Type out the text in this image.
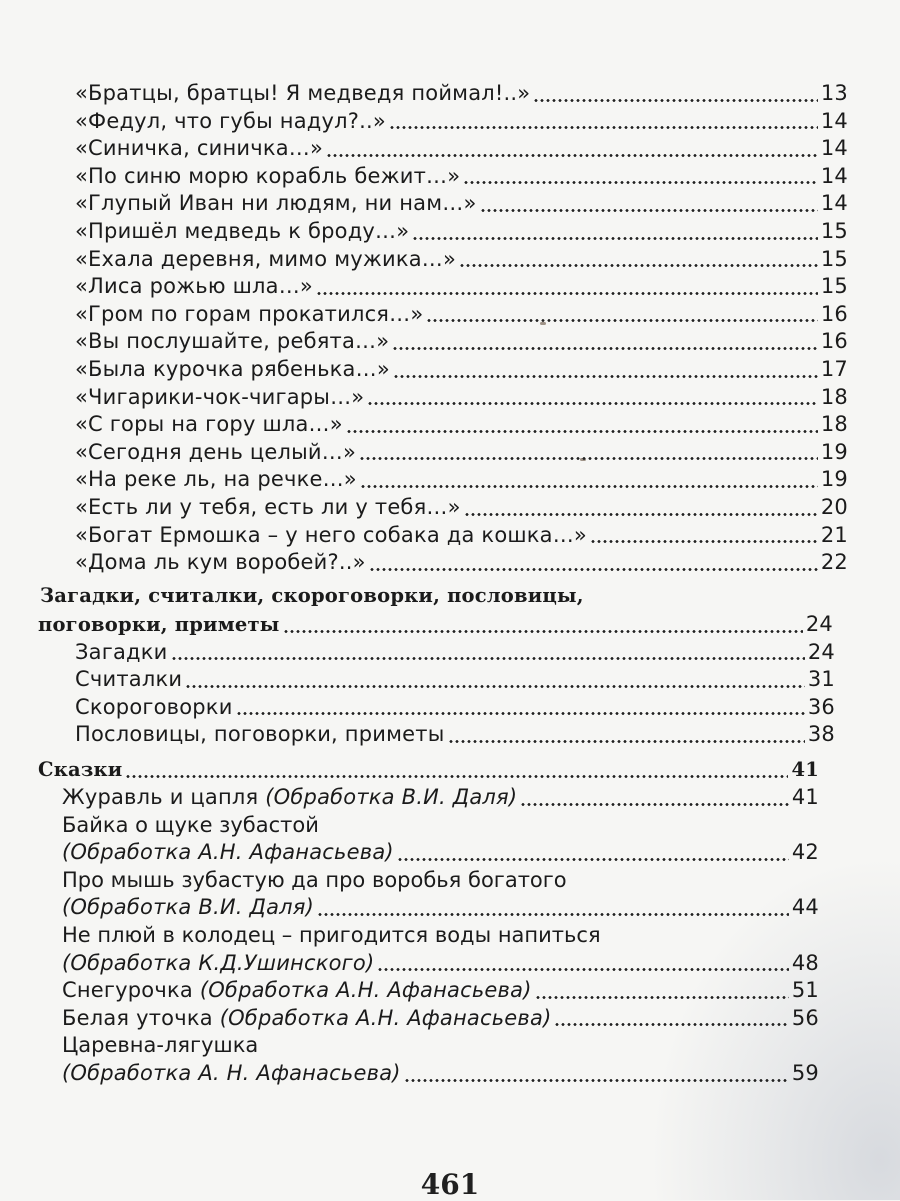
«Братцы, братцы! Я медведя поймал!..»	13
«Федул, что губы надул?..»	14
«Синичка, синичка…»	14
«По синю морю корабль бежит…»	14
«Глупый Иван ни людям, ни нам…»	14
«Пришёл медведь к броду…»	15
«Ехала деревня, мимо мужика…»	15
«Лиса рожью шла…»	15
«Гром по горам прокатился…»	16
«Вы послушайте, ребята…»	16
«Была курочка рябенька…»	17
«Чигарики-чок-чигары…»	18
«С горы на гору шла…»	18
«Сегодня день целый…»	19
«На реке ль, на речке…»	19
«Есть ли у тебя, есть ли у тебя…»	20
«Богат Ермошка – у него собака да кошка…»	21
«Дома ль кум воробей?..»	22
Загадки, считалки, скороговорки, пословицы,
поговорки, приметы	24
Загадки	24
Считалки	31
Скороговорки	36
Пословицы, поговорки, приметы	38
Сказки	41
Журавль и цапля
(Обработка В.И. Даля)	41
Байка о щуке зубастой
(Обработка А.Н. Афанасьева)	42
Про мышь зубастую да про воробья богатого
(Обработка В.И. Даля)	44
Не плюй в колодец – пригодится воды напиться
(Обработка К.Д.Ушинского)	48
Снегурочка
(Обработка А.Н. Афанасьева)	51
Белая уточка
(Обработка А.Н. Афанасьева)	56
Царевна-лягушка
(Обработка А. Н. Афанасьева)	59
461
